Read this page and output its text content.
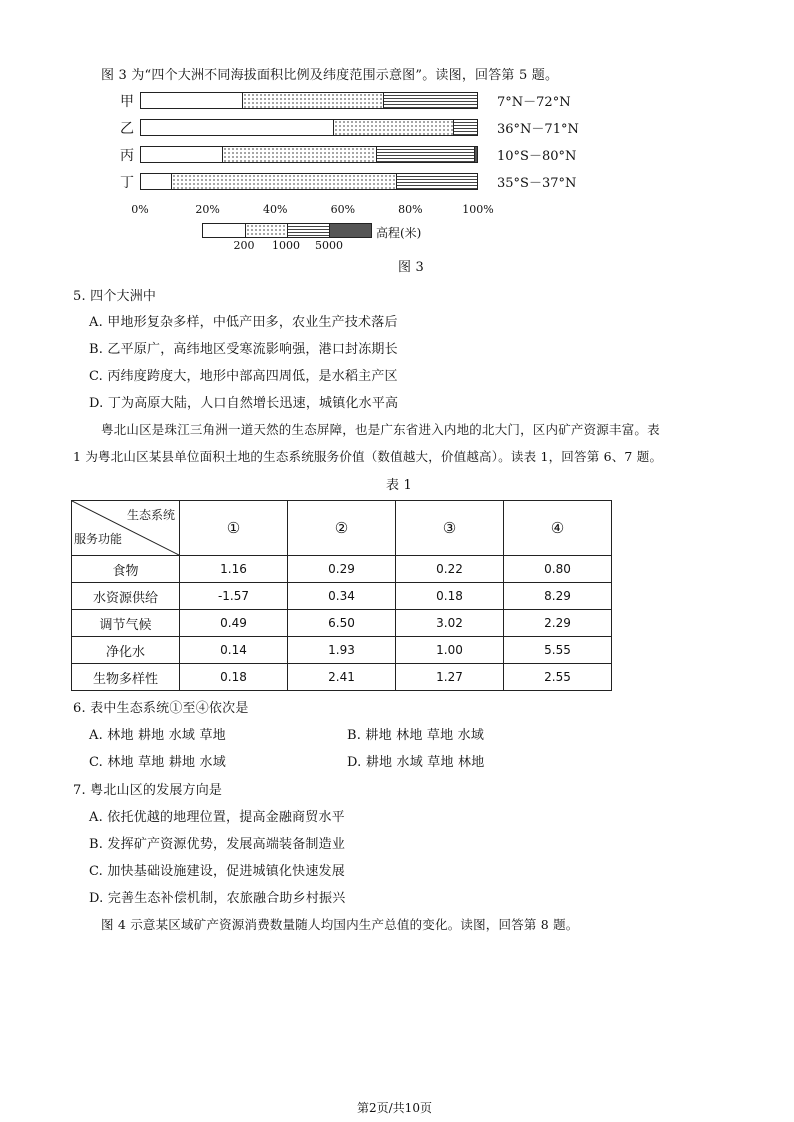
图 3 为“四个大洲不同海拔面积比例及纬度范围示意图”。读图，回答第 5 题。
0%	20%	40%	60%	80%	100%
200 1000 5000
高程(米)
甲	7°N－72°N
乙	36°N－71°N
丙	10°S－80°N
丁	35°S－37°N
图 3
5. 四个大洲中
A. 甲地形复杂多样，中低产田多，农业生产技术落后
B. 乙平原广，高纬地区受寒流影响强，港口封冻期长
C. 丙纬度跨度大，地形中部高四周低，是水稻主产区
D. 丁为高原大陆，人口自然增长迅速，城镇化水平高
粤北山区是珠江三角洲一道天然的生态屏障，也是广东省进入内地的北大门，区内矿产资源丰富。表
1 为粤北山区某县单位面积土地的生态系统服务价值（数值越大，价值越高）。读表 1，回答第 6、7 题。
表 1
生态系统
服务功能	①	②	③	④
食物	1.16	0.29	0.22	0.80
水资源供给	-1.57	0.34	0.18	8.29
调节气候	0.49	6.50	3.02	2.29
净化水	0.14	1.93	1.00	5.55
生物多样性	0.18	2.41	1.27	2.55
6. 表中生态系统①至④依次是
A. 林地 耕地 水域 草地	B. 耕地 林地 草地 水域
C. 林地 草地 耕地 水域	D. 耕地 水域 草地 林地
7. 粤北山区的发展方向是
A. 依托优越的地理位置，提高金融商贸水平
B. 发挥矿产资源优势，发展高端装备制造业
C. 加快基础设施建设，促进城镇化快速发展
D. 完善生态补偿机制，农旅融合助乡村振兴
图 4 示意某区域矿产资源消费数量随人均国内生产总值的变化。读图，回答第 8 题。
第2页/共10页
